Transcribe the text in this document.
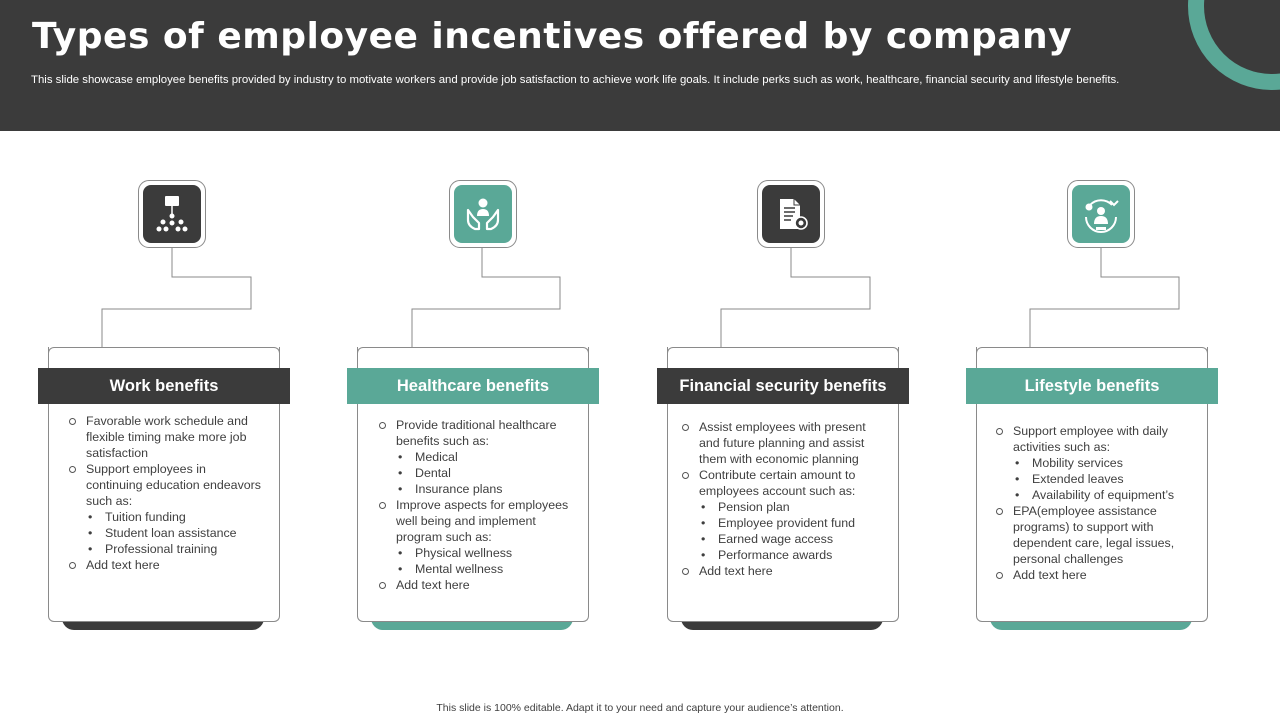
Types of employee incentives offered by company
This slide showcase employee benefits provided by industry to motivate workers and provide job satisfaction to achieve work life goals. It include perks such as work, healthcare, financial security and lifestyle benefits.
Work benefits
Favorable work schedule and flexible timing make more job satisfaction
Support employees in continuing education endeavors such as:
• Tuition funding
• Student loan assistance
• Professional training
Add text here
Healthcare benefits
Provide traditional healthcare benefits such as:
• Medical
• Dental
• Insurance plans
Improve aspects for employees well being and implement program such as:
• Physical wellness
• Mental wellness
Add text here
Financial security benefits
Assist employees with present and future planning and assist them with economic planning
Contribute certain amount to employees account such as:
• Pension plan
• Employee provident fund
• Earned wage access
• Performance awards
Add text here
Lifestyle benefits
Support employee with daily activities such as:
• Mobility services
• Extended leaves
• Availability of equipment’s
EPA(employee assistance programs) to support with dependent care, legal issues, personal challenges
Add text here
This slide is 100% editable. Adapt it to your need and capture your audience’s attention.
